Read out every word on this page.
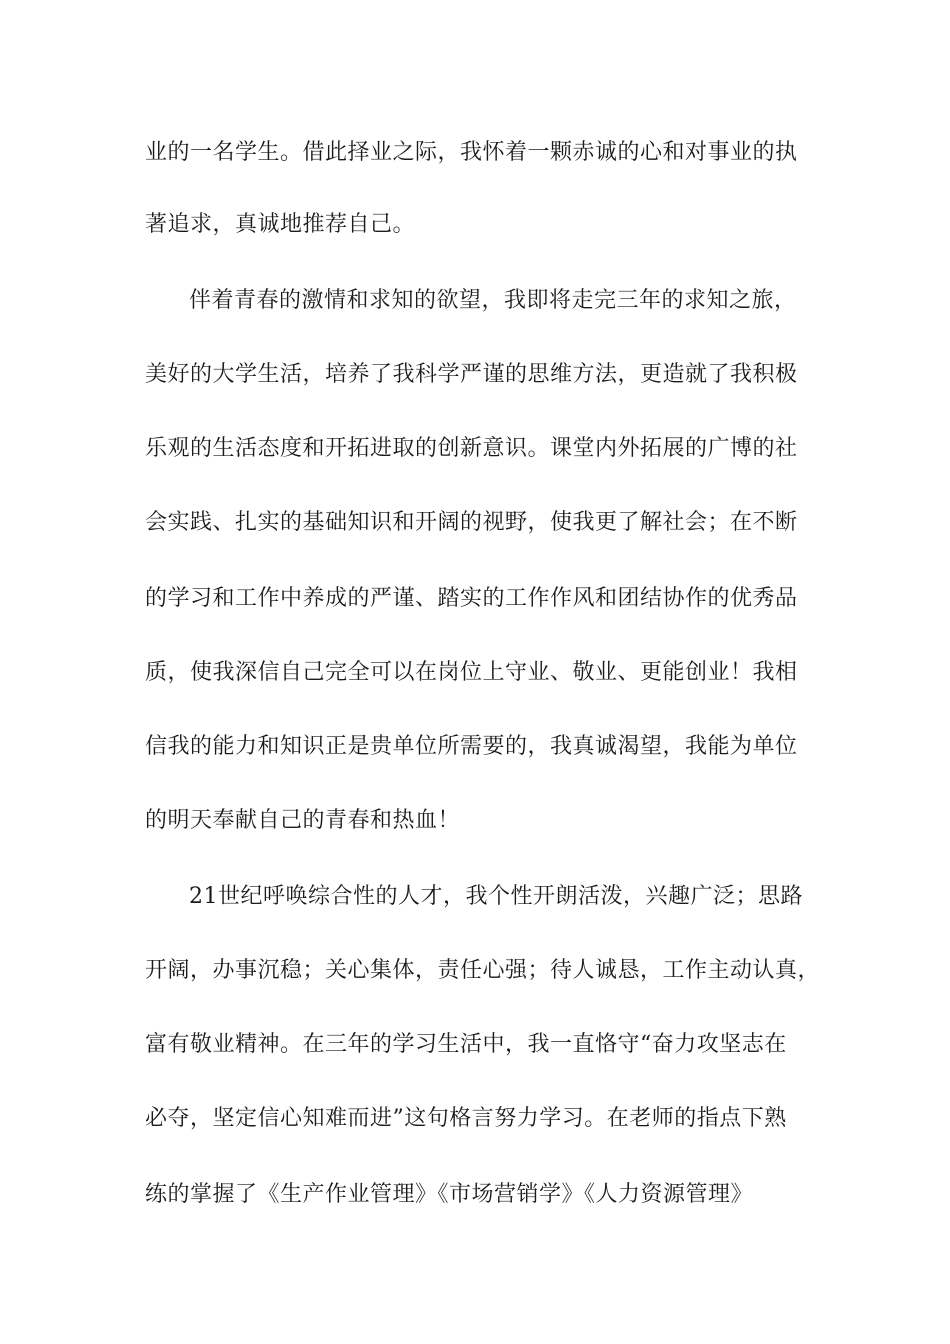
业的一名学生。借此择业之际，我怀着一颗赤诚的心和对事业的执
著追求，真诚地推荐自己。
伴着青春的激情和求知的欲望，我即将走完三年的求知之旅，
美好的大学生活，培养了我科学严谨的思维方法，更造就了我积极
乐观的生活态度和开拓进取的创新意识。课堂内外拓展的广博的社
会实践、扎实的基础知识和开阔的视野，使我更了解社会；在不断
的学习和工作中养成的严谨、踏实的工作作风和团结协作的优秀品
质，使我深信自己完全可以在岗位上守业、敬业、更能创业！我相
信我的能力和知识正是贵单位所需要的，我真诚渴望，我能为单位
的明天奉献自己的青春和热血！
21世纪呼唤综合性的人才，我个性开朗活泼，兴趣广泛；思路
开阔，办事沉稳；关心集体，责任心强；待人诚恳，工作主动认真，
富有敬业精神。在三年的学习生活中，我一直恪守“奋力攻坚志在
必夺，坚定信心知难而进”这句格言努力学习。在老师的指点下熟
练的掌握了《生产作业管理》《市场营销学》《人力资源管理》
